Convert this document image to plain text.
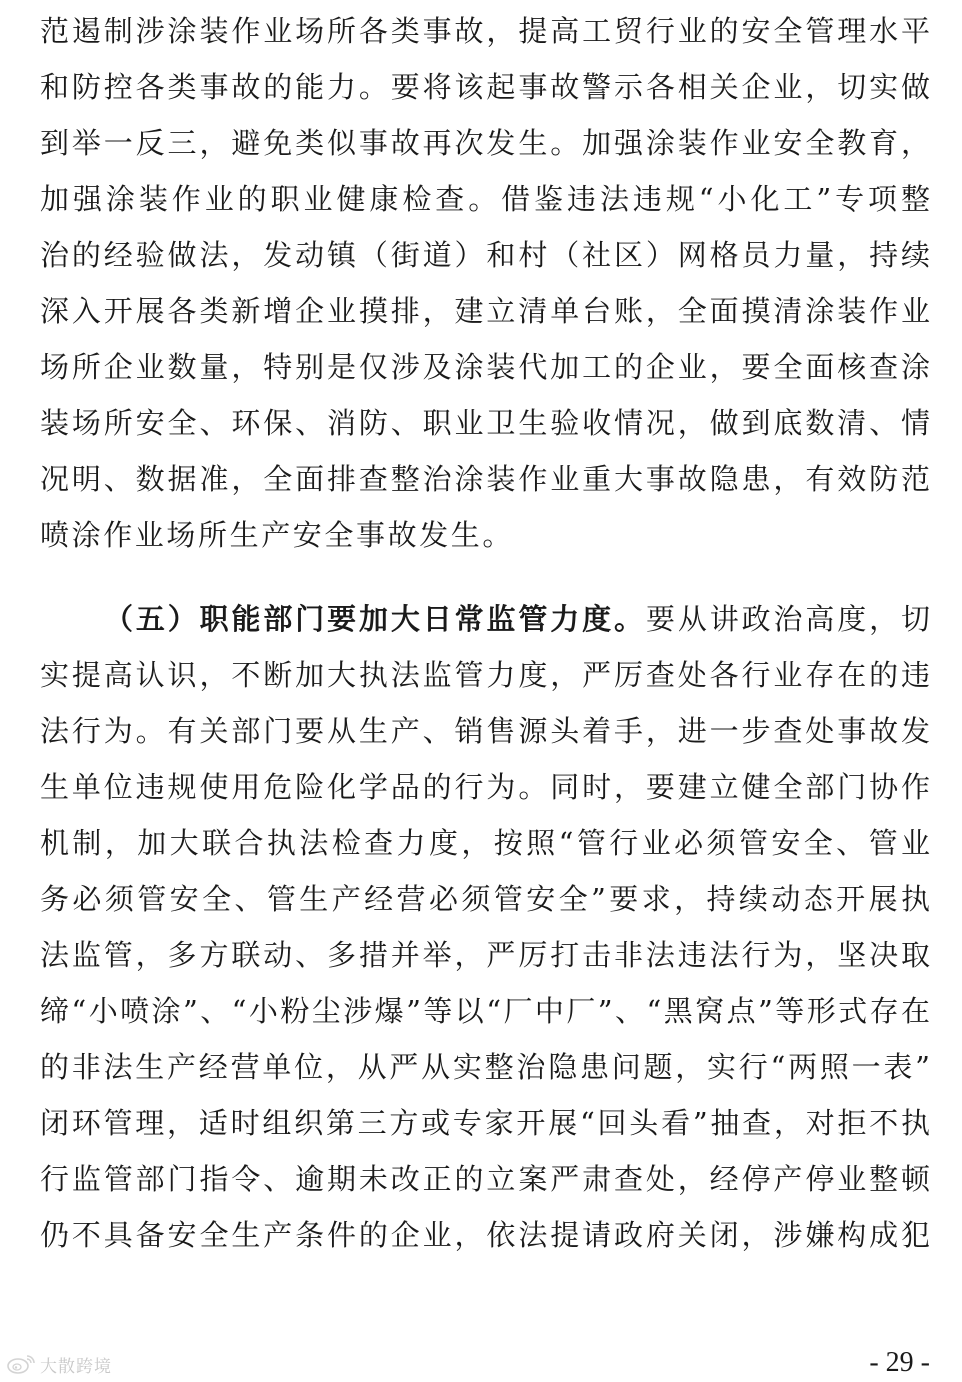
范遏制涉涂装作业场所各类事故，提高工贸行业的安全管理水平
和防控各类事故的能力。要将该起事故警示各相关企业，切实做
到举一反三，避免类似事故再次发生。加强涂装作业安全教育，
加强涂装作业的职业健康检查。借鉴违法违规“小化工”专项整
治的经验做法，发动镇（街道）和村（社区）网格员力量，持续
深入开展各类新增企业摸排，建立清单台账，全面摸清涂装作业
场所企业数量，特别是仅涉及涂装代加工的企业，要全面核查涂
装场所安全、环保、消防、职业卫生验收情况，做到底数清、情
况明、数据准，全面排查整治涂装作业重大事故隐患，有效防范
喷涂作业场所生产安全事故发生。
（五）职能部门要加大日常监管力度。要从讲政治高度，切
实提高认识，不断加大执法监管力度，严厉查处各行业存在的违
法行为。有关部门要从生产、销售源头着手，进一步查处事故发
生单位违规使用危险化学品的行为。同时，要建立健全部门协作
机制，加大联合执法检查力度，按照“管行业必须管安全、管业
务必须管安全、管生产经营必须管安全”要求，持续动态开展执
法监管，多方联动、多措并举，严厉打击非法违法行为，坚决取
缔“小喷涂”、“小粉尘涉爆”等以“厂中厂”、“黑窝点”等形式存在
的非法生产经营单位，从严从实整治隐患问题，实行“两照一表”
闭环管理，适时组织第三方或专家开展“回头看”抽查，对拒不执
行监管部门指令、逾期未改正的立案严肃查处，经停产停业整顿
仍不具备安全生产条件的企业，依法提请政府关闭，涉嫌构成犯
大散跨境	- 29 -
